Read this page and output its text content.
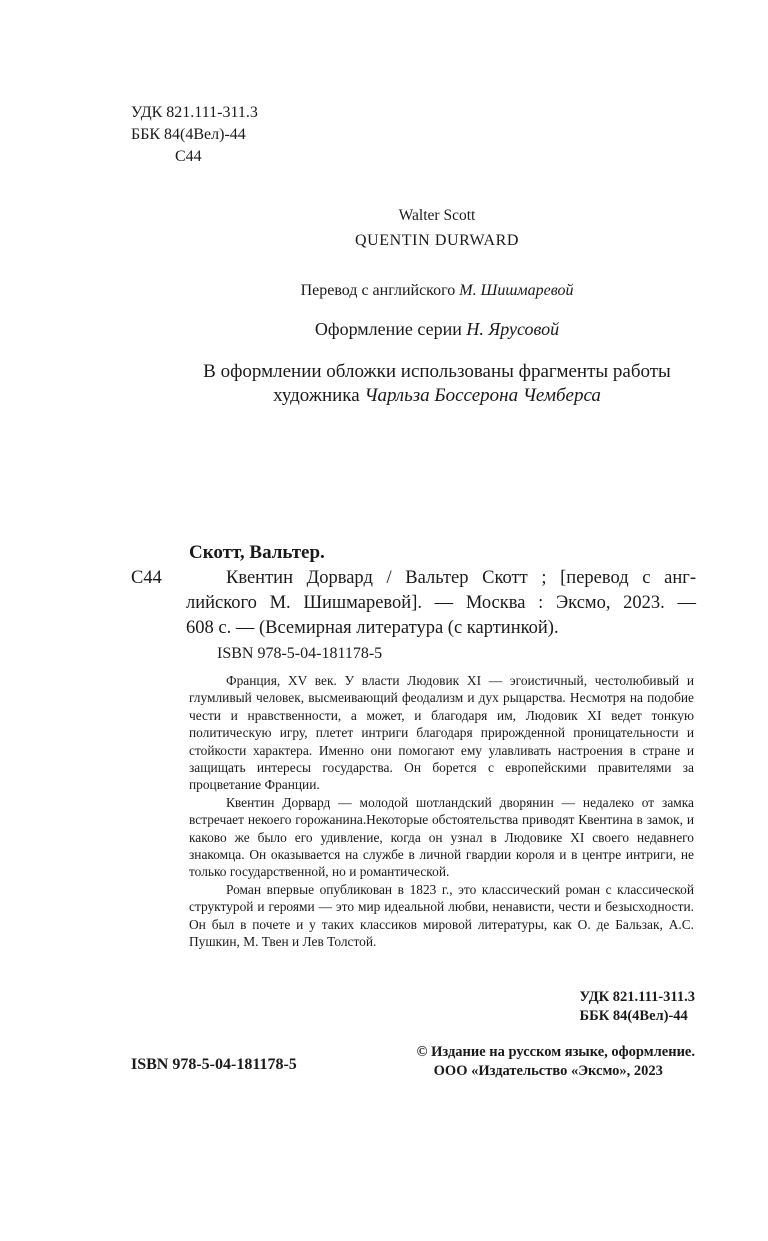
УДК 821.111-311.3
ББК 84(4Вел)-44
С44
Walter Scott
QUENTIN DURWARD
Перевод с английского М. Шишмаревой
Оформление серии Н. Ярусовой
В оформлении обложки использованы фрагменты работы
художника Чарльза Боссерона Чемберса
Скотт, Вальтер.
С44	Квентин Дорвард / Вальтер Скотт ; [перевод с анг-
лийского М. Шишмаревой]. — Москва : Эксмо, 2023. —
608 с. — (Всемирная литература (с картинкой).
ISBN 978-5-04-181178-5

Франция, XV век. У власти Людовик XI — эгоистичный, честолюбивый и глумливый человек, высмеивающий феодализм и дух рыцарства. Несмотря на подобие чести и нравственности, а может, и благодаря им, Людовик XI ведет тонкую политическую игру, плетет интриги благодаря прирожденной проницательности и стойкости характера. Именно они помогают ему улавливать настроения в стране и защищать интересы государства. Он борется с европейскими правителями за процветание Франции.

Квентин Дорвард — молодой шотландский дворянин — недалеко от замка встречает некоего горожанина.Некоторые обстоятельства приводят Квентина в замок, и каково же было его удивление, когда он узнал в Людовике XI своего недавнего знакомца. Он оказывается на службе в личной гвардии короля и в центре интриги, не только государственной, но и романтической.

Роман впервые опубликован в 1823 г., это классический роман с классической структурой и героями — это мир идеальной любви, ненависти, чести и безысходности. Он был в почете и у таких классиков мировой литературы, как О. де Бальзак, А.С. Пушкин, М. Твен и Лев Толстой.

УДК 821.111-311.3
ББК 84(4Вел)-44
ISBN 978-5-04-181178-5
© Издание на русском языке, оформление.
ООО «Издательство «Эксмо», 2023
